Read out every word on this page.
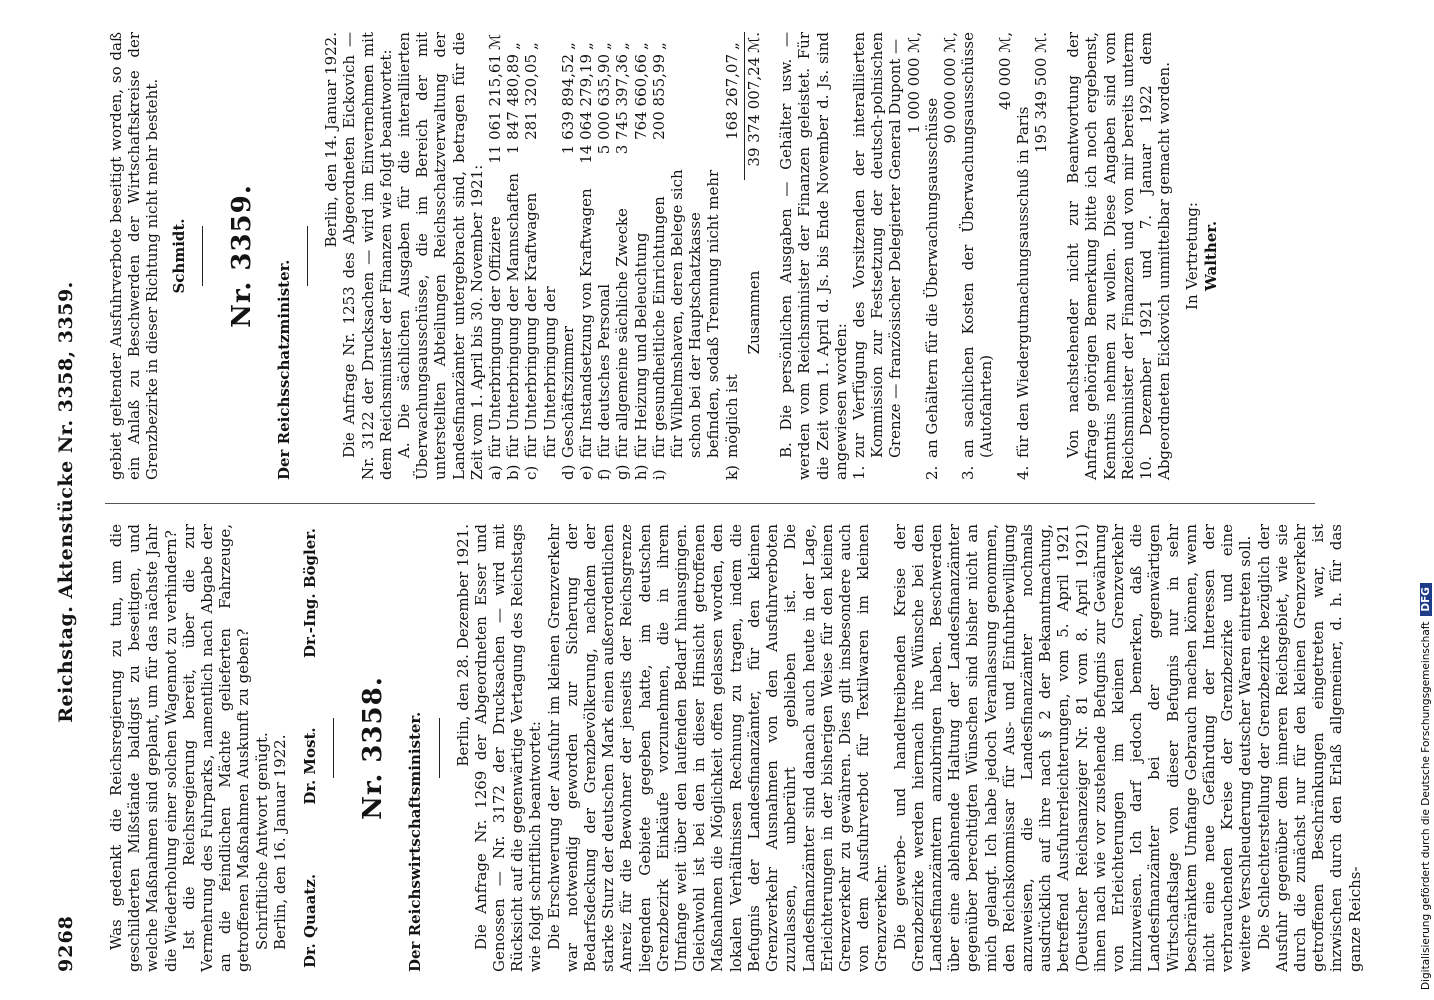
9268
Reichstag. Aktenstücke Nr. 3358, 3359.

Was gedenkt die Reichsregierung zu tun, um die geschilderten Mißstände baldigst zu beseitigen, und welche Maßnahmen sind geplant, um für das nächste Jahr die Wiederholung einer solchen Wagennot zu verhindern? Ist die Reichsregierung bereit, über die zur Vermehrung des Fuhrparks, namentlich nach Abgabe der an die feindlichen Mächte gelieferten Fahrzeuge, getroffenen Maßnahmen Auskunft zu geben? Schriftliche Antwort genügt. Berlin, den 16. Januar 1922. Dr. Quaatz.
Dr. Most.
Dr.-Ing. Bögler.
Nr. 3358. Der Reichswirtschaftsminister.

Berlin, den 28. Dezember 1921. Die Anfrage Nr. 1269 der Abgeordneten Esser und Genossen — Nr. 3172 der Drucksachen — wird mit Rücksicht auf die gegenwärtige Vertagung des Reichstags wie folgt schriftlich beantwortet: Die Erschwerung der Ausfuhr im kleinen Grenzverkehr war notwendig geworden zur Sicherung der Bedarfsdeckung der Grenzbevölkerung, nachdem der starke Sturz der deutschen Mark einen außerordentlichen Anreiz für die Bewohner der jenseits der Reichsgrenze liegenden Gebiete gegeben hatte, im deutschen Grenzbezirk Einkäufe vorzunehmen, die in ihrem Umfange weit über den laufenden Bedarf hinausgingen. Gleichwohl ist bei den in dieser Hinsicht getroffenen Maßnahmen die Möglichkeit offen gelassen worden, den lokalen Verhältnissen Rechnung zu tragen, indem die Befugnis der Landesfinanzämter, für den kleinen Grenzverkehr Ausnahmen von den Ausfuhrverboten zuzulassen, unberührt geblieben ist. Die Landesfinanzämter sind danach auch heute in der Lage, Erleichterungen in der bisherigen Weise für den kleinen Grenzverkehr zu gewähren. Dies gilt insbesondere auch von dem Ausfuhrverbot für Textilwaren im kleinen Grenzverkehr. Die gewerbe- und handeltreibenden Kreise der Grenzbezirke werden hiernach ihre Wünsche bei den Landesfinanzämtern anzubringen haben. Beschwerden über eine ablehnende Haltung der Landesfinanzämter gegenüber berechtigten Wünschen sind bisher nicht an mich gelangt. Ich habe jedoch Veranlassung genommen, den Reichskommissar für Aus- und Einfuhrbewilligung anzuweisen, die Landesfinanzämter nochmals ausdrücklich auf ihre nach § 2 der Bekanntmachung, betreffend Ausfuhrerleichterungen, vom 5. April 1921 (Deutscher Reichsanzeiger Nr. 81 vom 8. April 1921) ihnen nach wie vor zustehende Befugnis zur Gewährung von Erleichterungen im kleinen Grenzverkehr hinzuweisen. Ich darf jedoch bemerken, daß die Landesfinanzämter bei der gegenwärtigen Wirtschaftslage von dieser Befugnis nur in sehr beschränktem Umfange Gebrauch machen können, wenn nicht eine neue Gefährdung der Interessen der verbrauchenden Kreise der Grenzbezirke und eine weitere Verschleuderung deutscher Waren eintreten soll. Die Schlechterstellung der Grenzbezirke bezüglich der Ausfuhr gegenüber dem inneren Reichsgebiet, wie sie durch die zunächst nur für den kleinen Grenzverkehr getroffenen Beschränkungen eingetreten war, ist inzwischen durch den Erlaß allgemeiner, d. h. für das ganze Reichs-

gebiet geltender Ausfuhrverbote beseitigt worden, so daß ein Anlaß zu Beschwerden der Wirtschaftskreise der Grenzbezirke in dieser Richtung nicht mehr besteht. Schmidt. Nr. 3359.
Der Reichsschatzminister.

Berlin, den 14. Januar 1922. Die Anfrage Nr. 1253 des Abgeordneten Eickovich — Nr. 3122 der Drucksachen — wird im Einvernehmen mit dem Reichsminister der Finanzen wie folgt beantwortet: A. Die sächlichen Ausgaben für die interalliierten Überwachungsausschüsse, die im Bereich der mit unterstellten Abteilungen Reichsschatzverwaltung der Landesfinanzämter untergebracht sind, betragen für die Zeit vom 1. April bis 30. November 1921: a)	für Unterbringung der Offiziere	11 061 215,61	ℳ
b)	für Unterbringung der Mannschaften	1 847 480,89	„
c)	für Unterbringung der Kraftwagen	281 320,05	„
d)	für Unterbringung der Geschäftszimmer	1 639 894,52	„
e)	für Instandsetzung von Kraftwagen	14 064 279,19	„
f)	für deutsches Personal	5 000 635,90	„
g)	für allgemeine sächliche Zwecke	3 745 397,36	„
h)	für Heizung und Beleuchtung	764 660,66	„
i)	für gesundheitliche Einrichtungen	200 855,99	„
k)	für Wilhelmshaven, deren Belege sich schon bei der Hauptschatzkasse befinden, sodaß Trennung nicht mehr möglich ist	168 267,07	„
	Zusammen	39 374 007,24	ℳ. B. Die persönlichen Ausgaben — Gehälter usw. — werden vom Reichsminister der Finanzen geleistet. Für die Zeit vom 1. April d. Js. bis Ende November d. Js. sind angewiesen worden: 1.
zur Verfügung des Vorsitzenden der interalliierten Kommission zur Festsetzung der deutsch-polnischen Grenze — französischer Delegierter General Dupont — 1 000 000 ℳ,
2.
an Gehältern für die Überwachungsausschüsse
90 000 000 ℳ,
3.
an sachlichen Kosten der Überwachungsausschüsse (Autofahrten)
40 000 ℳ,
4.
für den Wiedergutmachungsausschuß in Paris
195 349 500 ℳ. Von nachstehender nicht zur Beantwortung der Anfrage gehörigen Bemerkung bitte ich noch ergebenst, Kenntnis nehmen zu wollen. Diese Angaben sind vom Reichsminister der Finanzen und von mir bereits unterm 10. Dezember 1921 und 7. Januar 1922 dem Abgeordneten Eickovich unmittelbar gemacht worden. In Vertretung: Walther.
Digitalisierung gefördert durch die Deutsche ForschungsgemeinschaftDFG
